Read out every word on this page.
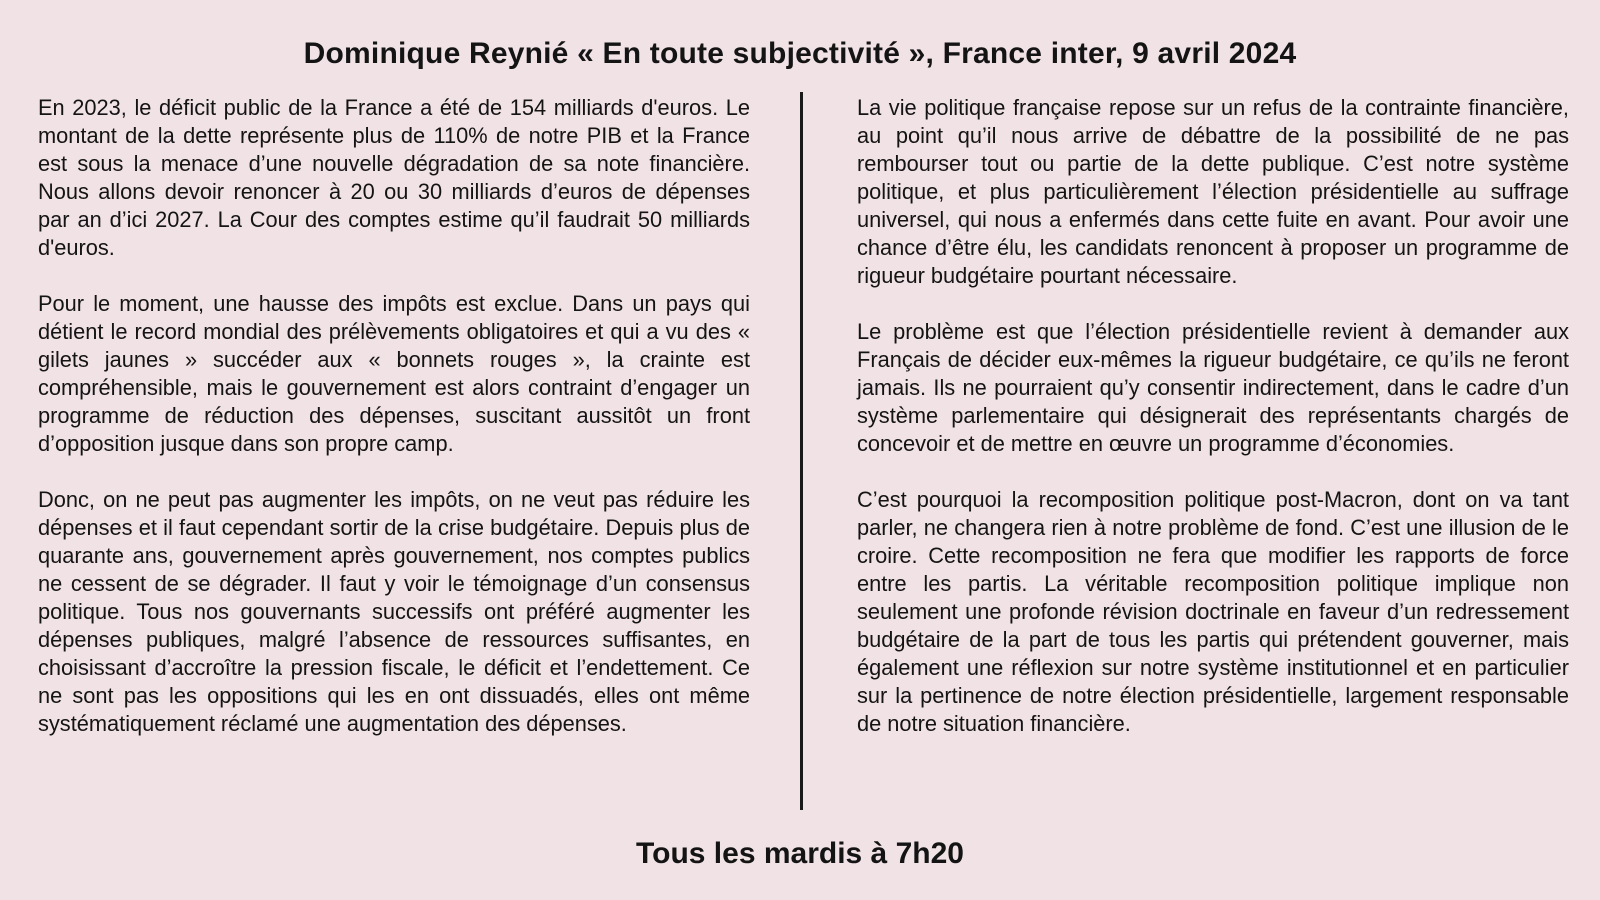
Dominique Reynié « En toute subjectivité », France inter, 9 avril 2024

En 2023, le déficit public de la France a été de 154 milliards d'euros. Le montant de la dette représente plus de 110% de notre PIB et la France est sous la menace d’une nouvelle dégradation de sa note financière. Nous allons devoir renoncer à 20 ou 30 milliards d’euros de dépenses par an d’ici 2027. La Cour des comptes estime qu’il faudrait 50 milliards d'euros.

Pour le moment, une hausse des impôts est exclue. Dans un pays qui détient le record mondial des prélèvements obligatoires et qui a vu des « gilets jaunes » succéder aux « bonnets rouges », la crainte est compréhensible, mais le gouvernement est alors contraint d’engager un programme de réduction des dépenses, suscitant aussitôt un front d’opposition jusque dans son propre camp.

Donc, on ne peut pas augmenter les impôts, on ne veut pas réduire les dépenses et il faut cependant sortir de la crise budgétaire. Depuis plus de quarante ans, gouvernement après gouvernement, nos comptes publics ne cessent de se dégrader. Il faut y voir le témoignage d’un consensus politique. Tous nos gouvernants successifs ont préféré augmenter les dépenses publiques, malgré l’absence de ressources suffisantes, en choisissant d’accroître la pression fiscale, le déficit et l’endettement. Ce ne sont pas les oppositions qui les en ont dissuadés, elles ont même systématiquement réclamé une augmentation des dépenses.

La vie politique française repose sur un refus de la contrainte financière, au point qu’il nous arrive de débattre de la possibilité de ne pas rembourser tout ou partie de la dette publique. C’est notre système politique, et plus particulièrement l’élection présidentielle au suffrage universel, qui nous a enfermés dans cette fuite en avant. Pour avoir une chance d’être élu, les candidats renoncent à proposer un programme de rigueur budgétaire pourtant nécessaire.

Le problème est que l’élection présidentielle revient à demander aux Français de décider eux-mêmes la rigueur budgétaire, ce qu’ils ne feront jamais. Ils ne pourraient qu’y consentir indirectement, dans le cadre d’un système parlementaire qui désignerait des représentants chargés de concevoir et de mettre en œuvre un programme d’économies.

C’est pourquoi la recomposition politique post-Macron, dont on va tant parler, ne changera rien à notre problème de fond. C’est une illusion de le croire. Cette recomposition ne fera que modifier les rapports de force entre les partis. La véritable recomposition politique implique non seulement une profonde révision doctrinale en faveur d’un redressement budgétaire de la part de tous les partis qui prétendent gouverner, mais également une réflexion sur notre système institutionnel et en particulier sur la pertinence de notre élection présidentielle, largement responsable de notre situation financière.

Tous les mardis à 7h20
